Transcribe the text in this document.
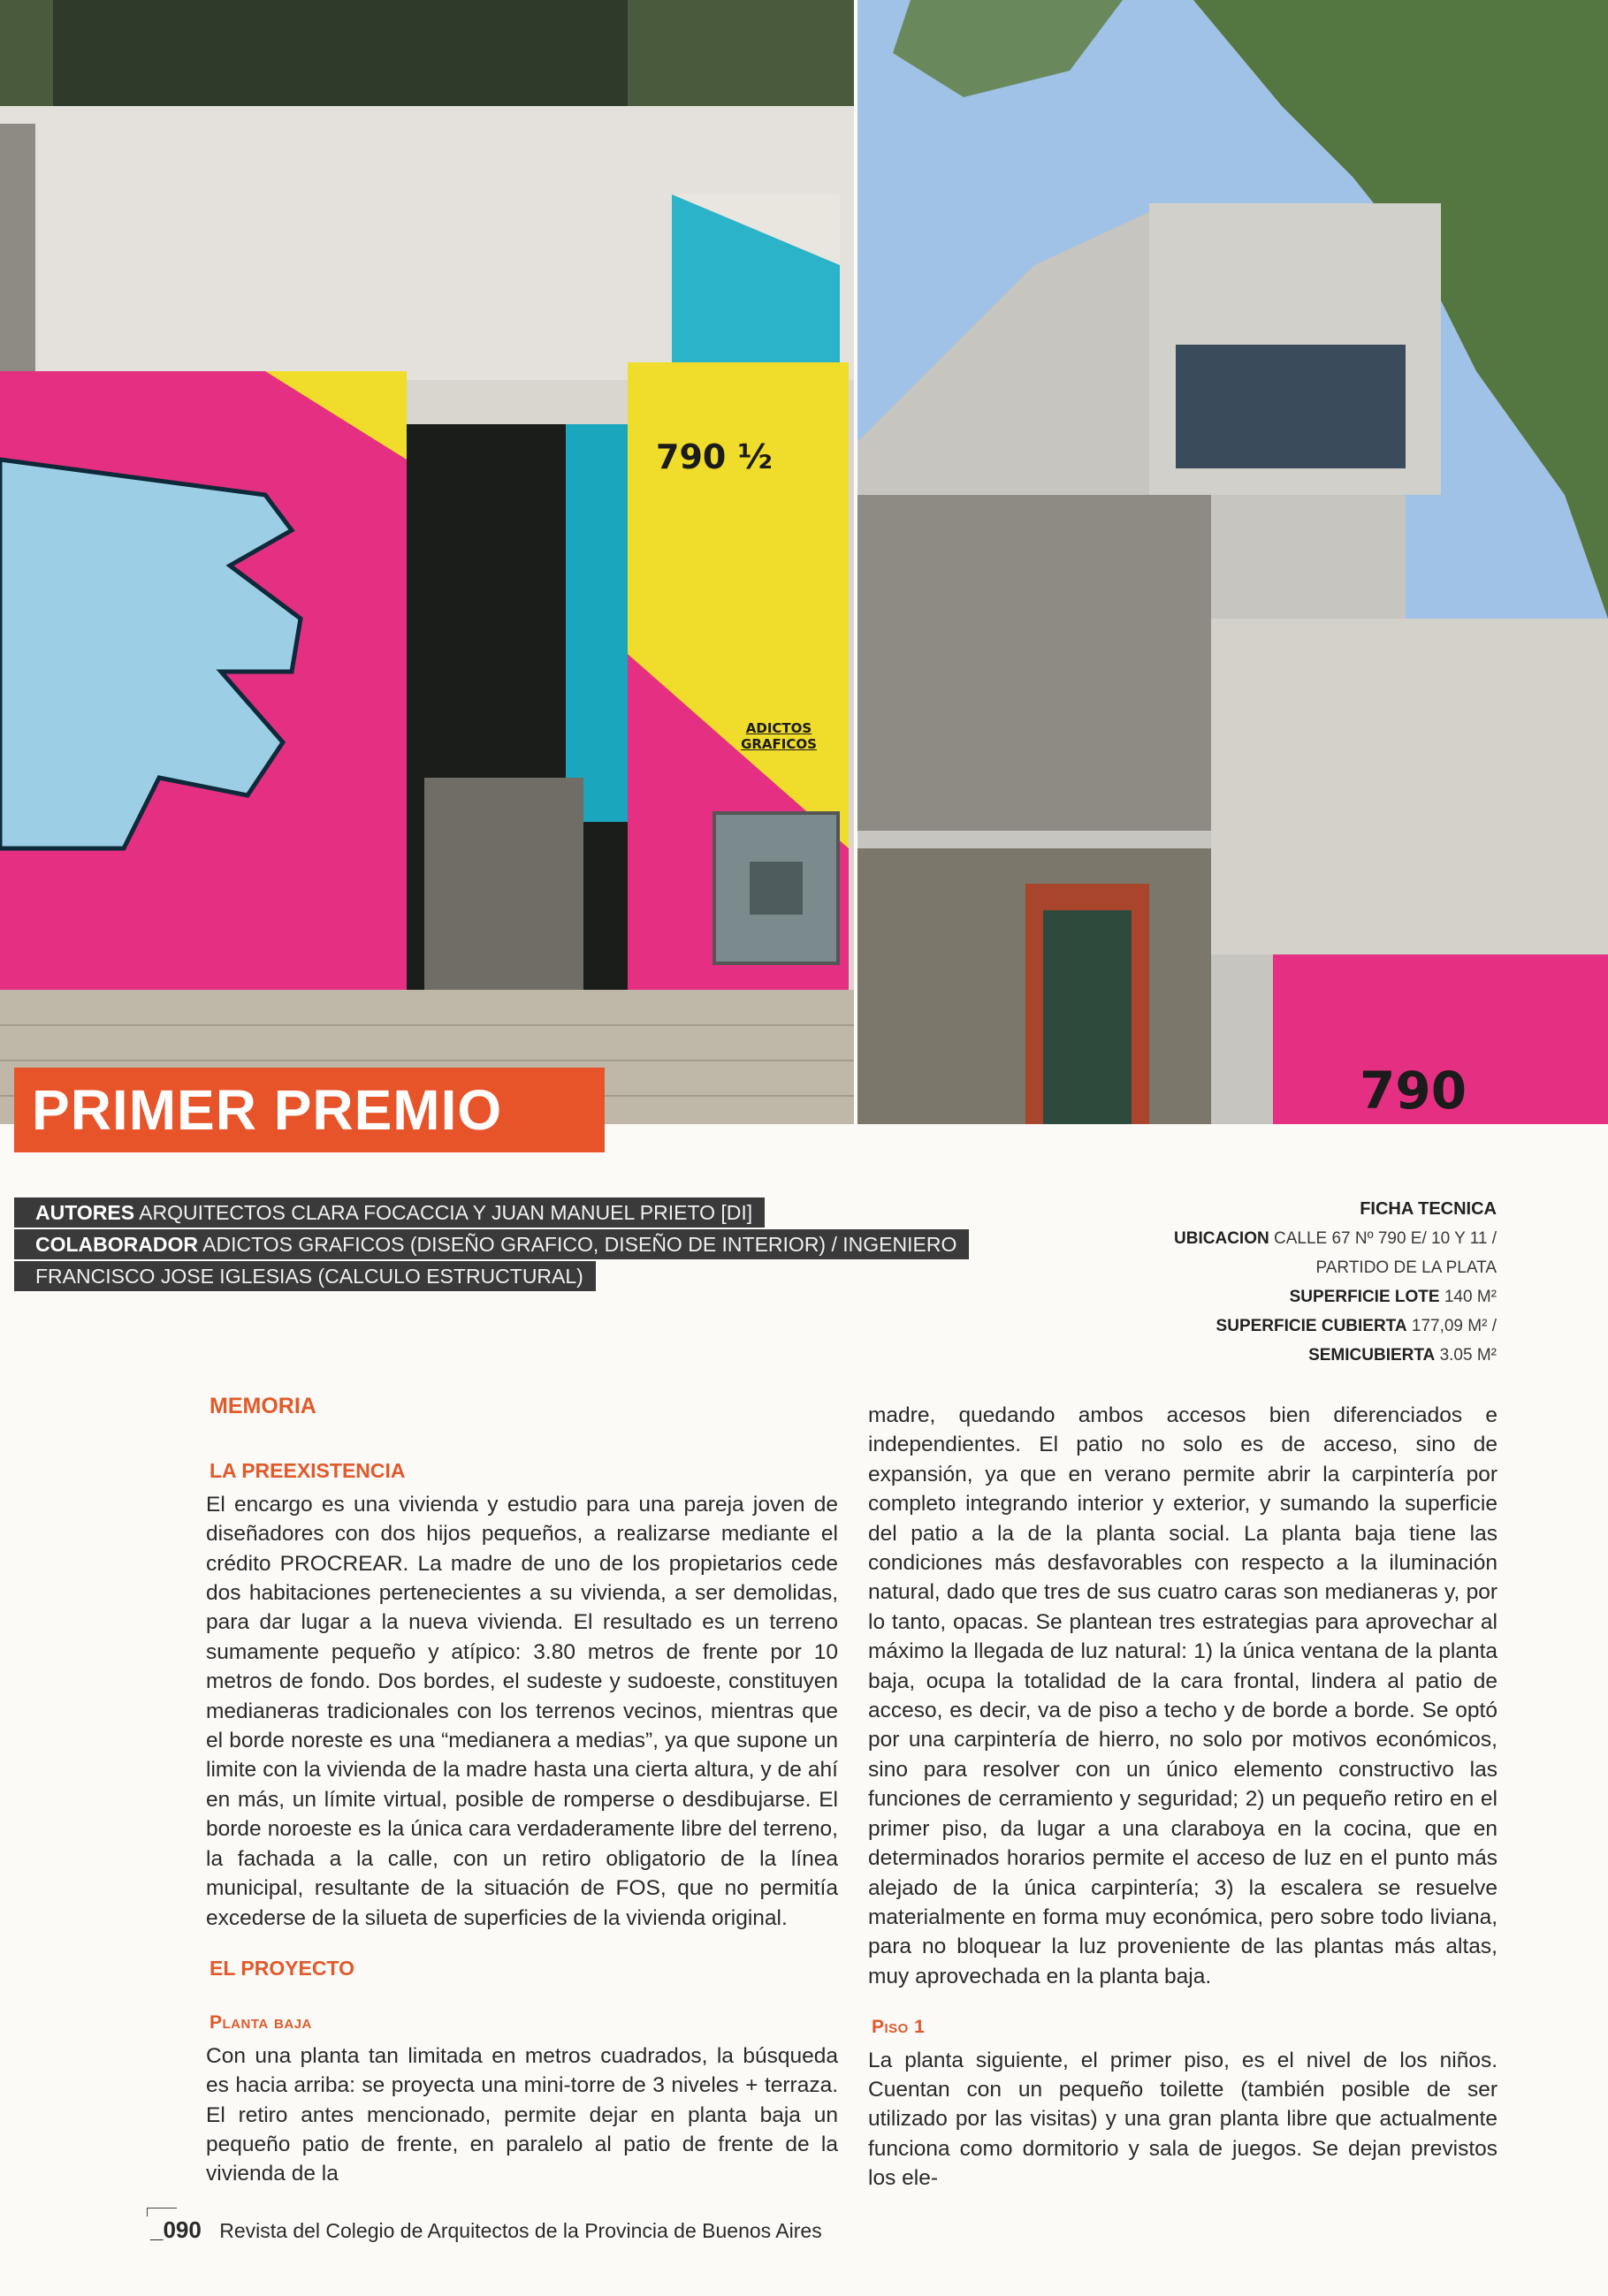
790 ½
ADICTOS GRAFICOS
790
PRIMER PREMIO
AUTORES ARQUITECTOS CLARA FOCACCIA Y JUAN MANUEL PRIETO [DI]
COLABORADOR ADICTOS GRAFICOS (DISEÑO GRAFICO, DISEÑO DE INTERIOR) / INGENIERO
FRANCISCO JOSE IGLESIAS (CALCULO ESTRUCTURAL)
FICHA TECNICA
UBICACION CALLE 67 Nº 790 E/ 10 Y 11 /
PARTIDO DE LA PLATA
SUPERFICIE LOTE 140 M²
SUPERFICIE CUBIERTA 177,09 M² /
SEMICUBIERTA 3.05 M²
MEMORIA
LA PREEXISTENCIA

El encargo es una vivienda y estudio para una pareja joven de diseñadores con dos hijos pequeños, a realizarse mediante el crédito PROCREAR. La madre de uno de los propietarios cede dos habitaciones pertenecientes a su vivienda, a ser demolidas, para dar lugar a la nueva vivienda. El resultado es un terreno sumamente pequeño y atípico: 3.80 metros de frente por 10 metros de fondo. Dos bordes, el sudeste y sudoeste, constituyen medianeras tradicionales con los terrenos vecinos, mientras que el borde noreste es una “medianera a medias”, ya que supone un limite con la vivienda de la madre hasta una cierta altura, y de ahí en más, un límite virtual, posible de romperse o desdibujarse. El borde noroeste es la única cara verdaderamente libre del terreno, la fachada a la calle, con un retiro obligatorio de la línea municipal, resultante de la situación de FOS, que no permitía excederse de la silueta de superficies de la vivienda original.

EL PROYECTO
Planta baja

Con una planta tan limitada en metros cuadrados, la búsqueda es hacia arriba: se proyecta una mini-torre de 3 niveles + terraza. El retiro antes mencionado, permite dejar en planta baja un pequeño patio de frente, en paralelo al patio de frente de la vivienda de la

madre, quedando ambos accesos bien diferenciados e independientes. El patio no solo es de acceso, sino de expansión, ya que en verano permite abrir la carpintería por completo integrando interior y exterior, y sumando la superficie del patio a la de la planta social. La planta baja tiene las condiciones más desfavorables con respecto a la iluminación natural, dado que tres de sus cuatro caras son medianeras y, por lo tanto, opacas. Se plantean tres estrategias para aprovechar al máximo la llegada de luz natural: 1) la única ventana de la planta baja, ocupa la totalidad de la cara frontal, lindera al patio de acceso, es decir, va de piso a techo y de borde a borde. Se optó por una carpintería de hierro, no solo por motivos económicos, sino para resolver con un único elemento constructivo las funciones de cerramiento y seguridad; 2) un pequeño retiro en el primer piso, da lugar a una claraboya en la cocina, que en determinados horarios permite el acceso de luz en el punto más alejado de la única carpintería; 3) la escalera se resuelve materialmente en forma muy económica, pero sobre todo liviana, para no bloquear la luz proveniente de las plantas más altas, muy aprovechada en la planta baja.

Piso 1

La planta siguiente, el primer piso, es el nivel de los niños. Cuentan con un pequeño toilette (también posible de ser utilizado por las visitas) y una gran planta libre que actualmente funciona como dormitorio y sala de juegos. Se dejan previstos los ele-

_090 Revista del Colegio de Arquitectos de la Provincia de Buenos Aires
